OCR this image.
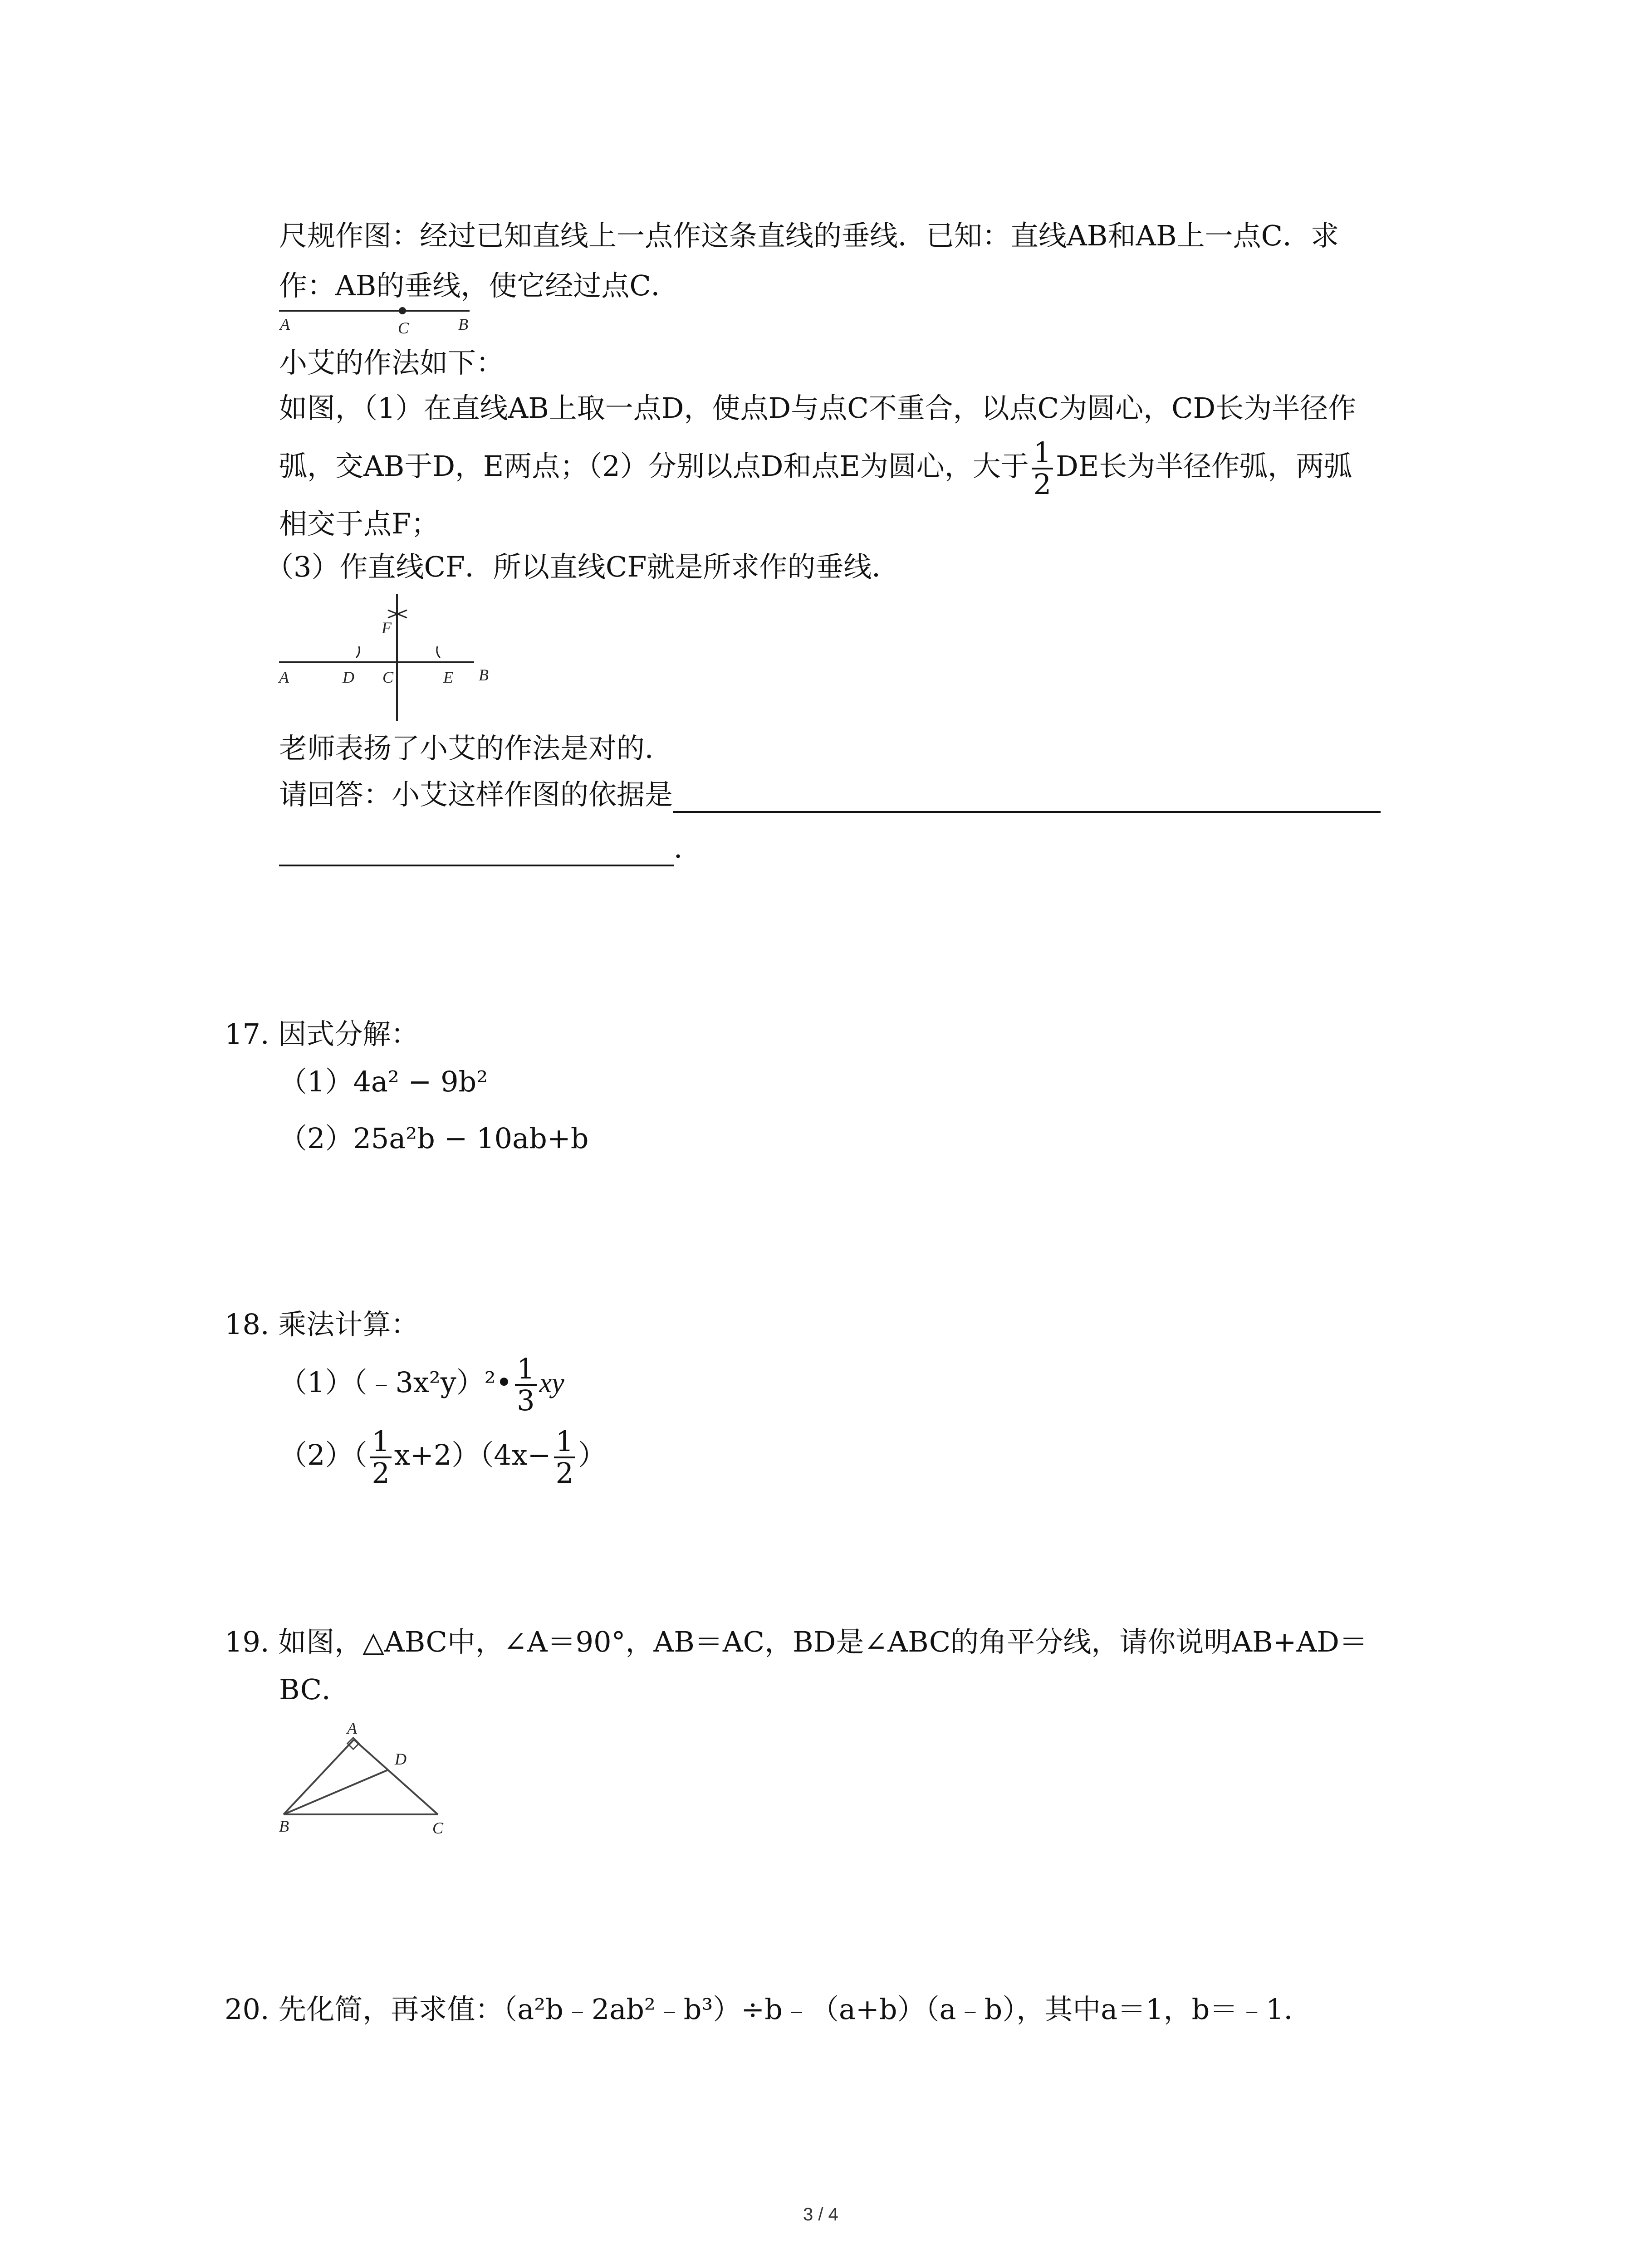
尺规作图：经过已知直线上一点作这条直线的垂线．已知：直线AB和AB上一点C．求
作：AB的垂线，使它经过点C．
A	C	B
小艾的作法如下：
如图，（1）在直线AB上取一点D，使点D与点C不重合，以点C为圆心，CD长为半径作
弧，交AB于D，E两点；（2）分别以点D和点E为圆心，大于 $\frac{1}{2}$ DE长为半径作弧，两弧
相交于点F；
（3）作直线CF．所以直线CF就是所求作的垂线．
F
A	D C	E B
老师表扬了小艾的作法是对的．
请回答：小艾这样作图的依据是
．
17. 因式分解：
（1）4a² − 9b²
（2）25a²b − 10ab+b
18. 乘法计算：
（1）（﹣3x²y）²• $\frac{1}{3}$ xy
$(2)( \frac{1}{2} x+2)(4x- \frac{1}{2}$ ）
19. 如图，△ABC中，∠A＝90°，AB＝AC，BD是∠ABC的角平分线，请你说明AB+AD＝
BC．
A
D
B	C
20. 先化简，再求值：（a²b﹣2ab²﹣b³）÷b﹣（a+b）（a﹣b），其中a＝1，b＝﹣1．
3 / 4
